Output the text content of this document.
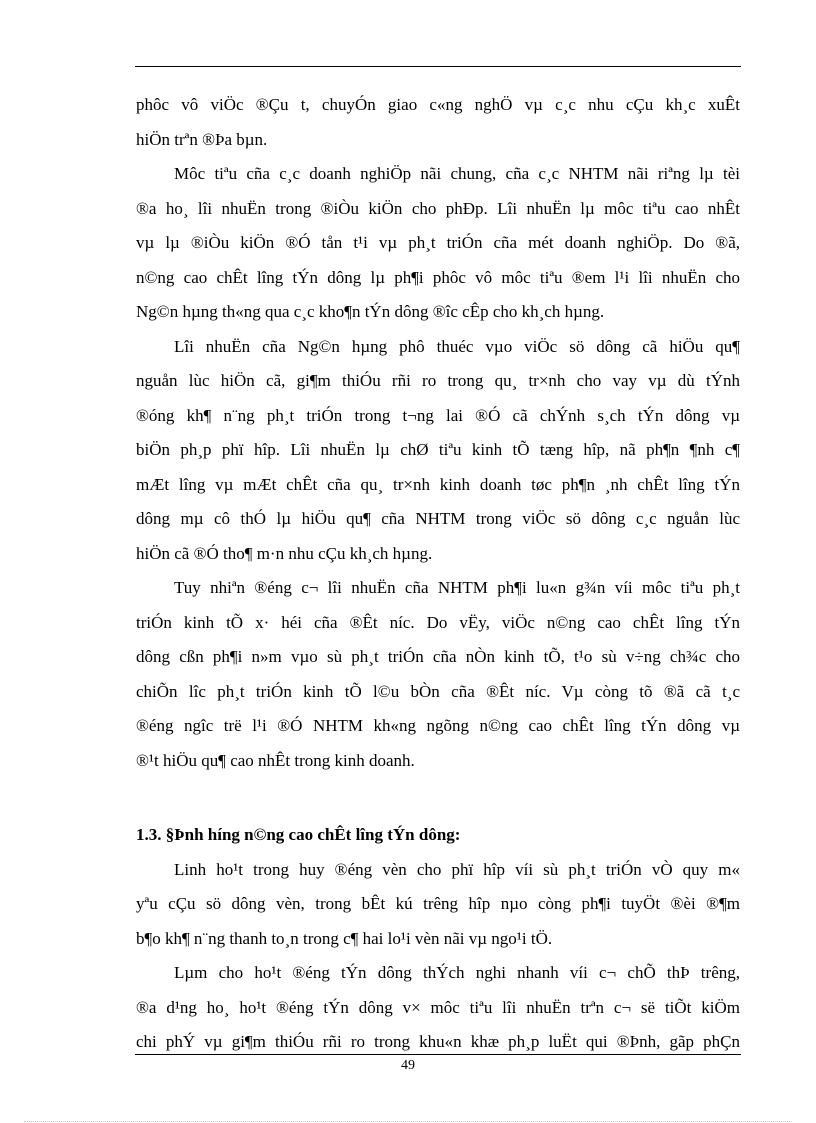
phôc vô viÖc ®Çu t, chuyÓn giao c«ng nghÖ vµ c¸c nhu cÇu kh¸c xuÊt
hiÖn trªn ®Þa bµn.
Môc tiªu cña c¸c doanh nghiÖp nãi chung, cña c¸c NHTM nãi riªng lµ tèi
®a ho¸ lîi nhuËn trong ®iÒu kiÖn cho phÐp. Lîi nhuËn lµ môc tiªu cao nhÊt
vµ lµ ®iÒu kiÖn ®Ó tån t¹i vµ ph¸t triÓn cña mét doanh nghiÖp. Do ®ã,
n©ng cao chÊt lîng tÝn dông lµ ph¶i phôc vô môc tiªu ®em l¹i lîi nhuËn cho
Ng©n hµng th«ng qua c¸c kho¶n tÝn dông ®îc cÊp cho kh¸ch hµng.
Lîi nhuËn cña Ng©n hµng phô thuéc vµo viÖc sö dông cã hiÖu qu¶
nguån lùc hiÖn cã, gi¶m thiÓu rñi ro trong qu¸ tr×nh cho vay vµ dù tÝnh
®óng kh¶ n¨ng ph¸t triÓn trong t¬ng lai ®Ó cã chÝnh s¸ch tÝn dông vµ
biÖn ph¸p phï hîp. Lîi nhuËn lµ chØ tiªu kinh tÕ tæng hîp, nã ph¶n ¶nh c¶
mÆt lîng vµ mÆt chÊt cña qu¸ tr×nh kinh doanh tøc ph¶n ¸nh chÊt lîng tÝn
dông mµ cô thÓ lµ hiÖu qu¶ cña NHTM trong viÖc sö dông c¸c nguån lùc
hiÖn cã ®Ó tho¶ m·n nhu cÇu kh¸ch hµng.
Tuy nhiªn ®éng c¬ lîi nhuËn cña NHTM ph¶i lu«n g¾n víi môc tiªu ph¸t
triÓn kinh tÕ x· héi cña ®Êt níc. Do vËy, viÖc n©ng cao chÊt lîng tÝn
dông cßn ph¶i n»m vµo sù ph¸t triÓn cña nÒn kinh tÕ, t¹o sù v÷ng ch¾c cho
chiÕn lîc ph¸t triÓn kinh tÕ l©u bÒn cña ®Êt níc. Vµ còng tõ ®ã cã t¸c
®éng ngîc trë l¹i ®Ó NHTM kh«ng ngõng n©ng cao chÊt lîng tÝn dông vµ
®¹t hiÖu qu¶ cao nhÊt trong kinh doanh.
1.3. §Þnh híng n©ng cao chÊt lîng tÝn dông:
Linh ho¹t trong huy ®éng vèn cho phï hîp víi sù ph¸t triÓn vÒ quy m«
yªu cÇu sö dông vèn, trong bÊt kú trêng hîp nµo còng ph¶i tuyÖt ®èi ®¶m
b¶o kh¶ n¨ng thanh to¸n trong c¶ hai lo¹i vèn nãi vµ ngo¹i tÖ.
Lµm cho ho¹t ®éng tÝn dông thÝch nghi nhanh víi c¬ chÕ thÞ trêng,
®a d¹ng ho¸ ho¹t ®éng tÝn dông v× môc tiªu lîi nhuËn trªn c¬ së tiÕt kiÖm
chi phÝ vµ gi¶m thiÓu rñi ro trong khu«n khæ ph¸p luËt qui ®Þnh, gãp phÇn
49
